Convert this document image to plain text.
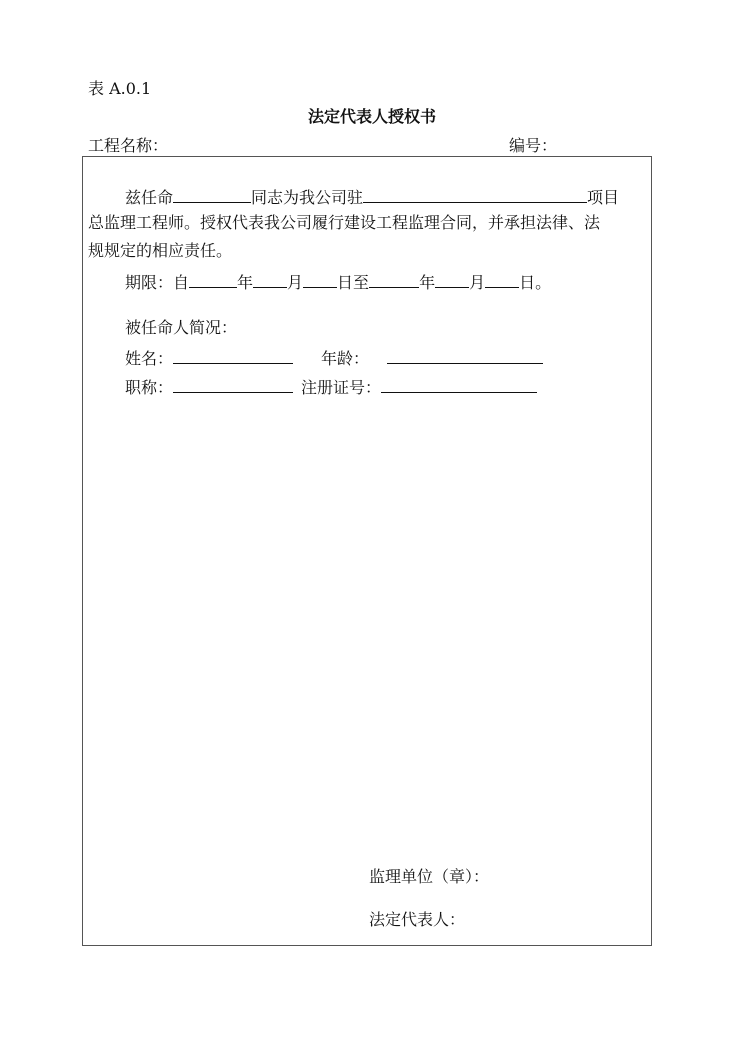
表 A.0.1
法定代表人授权书
工程名称：	编号：
兹任命	同志为我公司驻	项目
总监理工程师。授权代表我公司履行建设工程监理合同，并承担法律、法
规规定的相应责任。
期限：自	年 月 日至	年 月 日。
被任命人简况：
姓名：	年龄：
职称：	注册证号：
监理单位（章）：
法定代表人：
